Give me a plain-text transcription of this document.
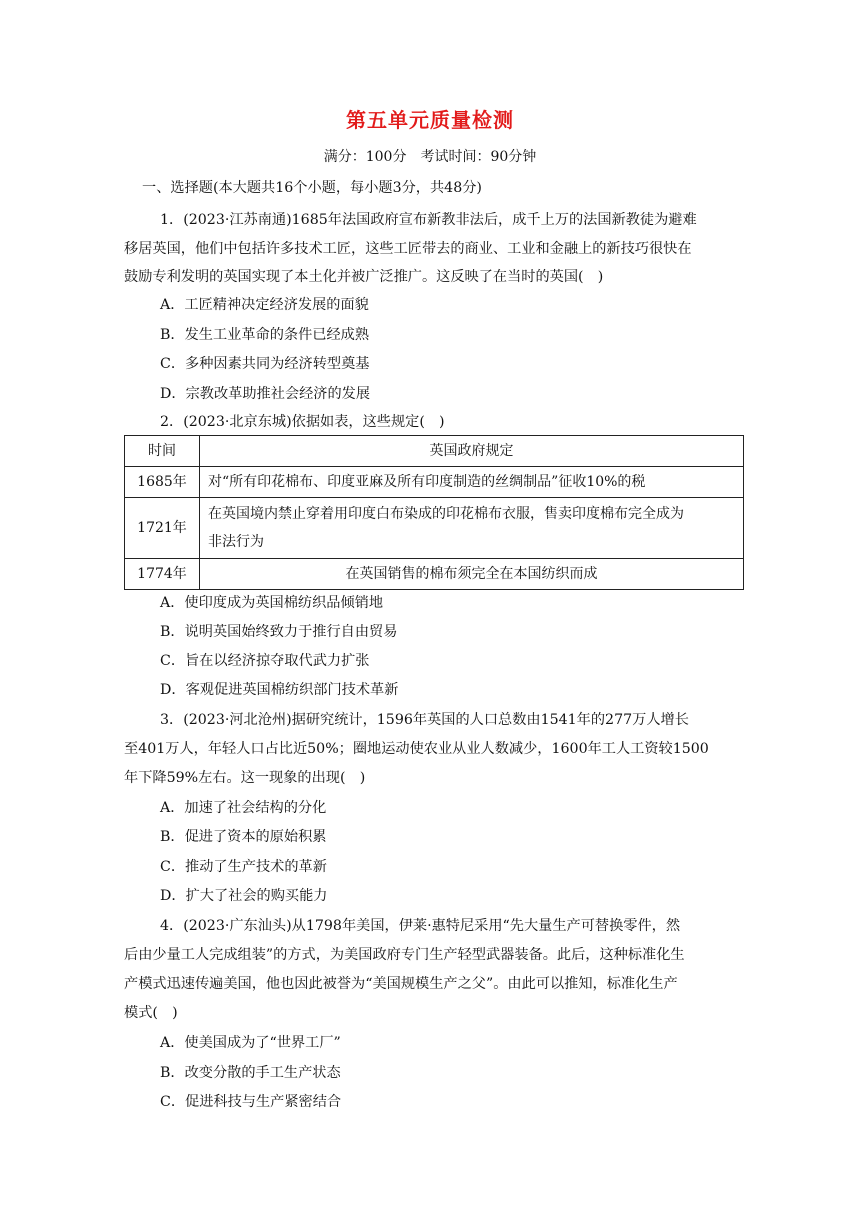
第五单元质量检测
满分：100分　考试时间：90分钟
一、选择题(本大题共16个小题，每小题3分，共48分)
1．(2023·江苏南通)1685年法国政府宣布新教非法后，成千上万的法国新教徒为避难
移居英国，他们中包括许多技术工匠，这些工匠带去的商业、工业和金融上的新技巧很快在
鼓励专利发明的英国实现了本土化并被广泛推广。这反映了在当时的英国(　)
A．工匠精神决定经济发展的面貌
B．发生工业革命的条件已经成熟
C．多种因素共同为经济转型奠基
D．宗教改革助推社会经济的发展
2．(2023·北京东城)依据如表，这些规定(　)
时间	英国政府规定
1685年	对“所有印花棉布、印度亚麻及所有印度制造的丝绸制品”征收10%的税
1721年	在英国境内禁止穿着用印度白布染成的印花棉布衣服，售卖印度棉布完全成为
非法行为

1774年	在英国销售的棉布须完全在本国纺织而成
A．使印度成为英国棉纺织品倾销地
B．说明英国始终致力于推行自由贸易
C．旨在以经济掠夺取代武力扩张
D．客观促进英国棉纺织部门技术革新
3．(2023·河北沧州)据研究统计，1596年英国的人口总数由1541年的277万人增长
至401万人，年轻人口占比近50%；圈地运动使农业从业人数减少，1600年工人工资较1500
年下降59%左右。这一现象的出现(　)
A．加速了社会结构的分化
B．促进了资本的原始积累
C．推动了生产技术的革新
D．扩大了社会的购买能力
4．(2023·广东汕头)从1798年美国，伊莱·惠特尼采用“先大量生产可替换零件，然
后由少量工人完成组装”的方式，为美国政府专门生产轻型武器装备。此后，这种标准化生
产模式迅速传遍美国，他也因此被誉为“美国规模生产之父”。由此可以推知，标准化生产
模式(　)
A．使美国成为了“世界工厂”
B．改变分散的手工生产状态
C．促进科技与生产紧密结合
